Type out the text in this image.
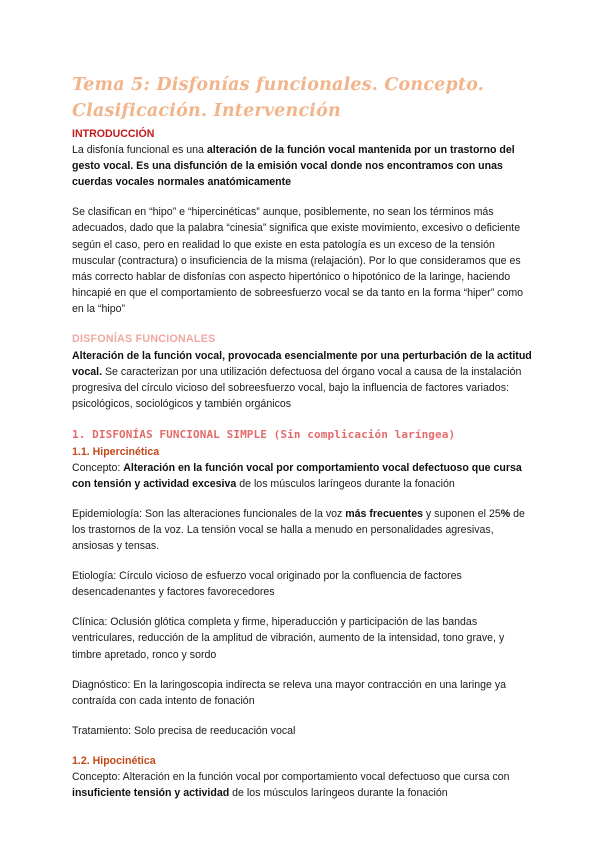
Tema 5: Disfonías funcionales. Concepto. Clasificación. Intervención
INTRODUCCIÓN

La disfonía funcional es una alteración de la función vocal mantenida por un trastorno del gesto vocal. Es una disfunción de la emisión vocal donde nos encontramos con unas cuerdas vocales normales anatómicamente

Se clasifican en “hipo” e “hipercinéticas” aunque, posiblemente, no sean los términos más adecuados, dado que la palabra “cinesia” significa que existe movimiento, excesivo o deficiente según el caso, pero en realidad lo que existe en esta patología es un exceso de la tensión muscular (contractura) o insuficiencia de la misma (relajación). Por lo que consideramos que es más correcto hablar de disfonías con aspecto hipertónico o hipotónico de la laringe, haciendo hincapié en que el comportamiento de sobreesfuerzo vocal se da tanto en la forma “hiper” como en la “hipo”

DISFONÍAS FUNCIONALES

Alteración de la función vocal, provocada esencialmente por una perturbación de la actitud vocal. Se caracterizan por una utilización defectuosa del órgano vocal a causa de la instalación progresiva del círculo vicioso del sobreesfuerzo vocal, bajo la influencia de factores variados: psicológicos, sociológicos y también orgánicos

1. DISFONÍAS FUNCIONAL SIMPLE (Sin complicación laríngea)
1.1. Hipercinética

Concepto: Alteración en la función vocal por comportamiento vocal defectuoso que cursa con tensión y actividad excesiva de los músculos laríngeos durante la fonación

Epidemiología: Son las alteraciones funcionales de la voz más frecuentes y suponen el 25% de los trastornos de la voz. La tensión vocal se halla a menudo en personalidades agresivas, ansiosas y tensas.

Etiología: Círculo vicioso de esfuerzo vocal originado por la confluencia de factores desencadenantes y factores favorecedores

Clínica: Oclusión glótica completa y firme, hiperaducción y participación de las bandas ventriculares, reducción de la amplitud de vibración, aumento de la intensidad, tono grave, y timbre apretado, ronco y sordo

Diagnóstico: En la laringoscopia indirecta se releva una mayor contracción en una laringe ya contraída con cada intento de fonación

Tratamiento: Solo precisa de reeducación vocal

1.2. Hipocinética

Concepto: Alteración en la función vocal por comportamiento vocal defectuoso que cursa con insuficiente tensión y actividad de los músculos laríngeos durante la fonación
